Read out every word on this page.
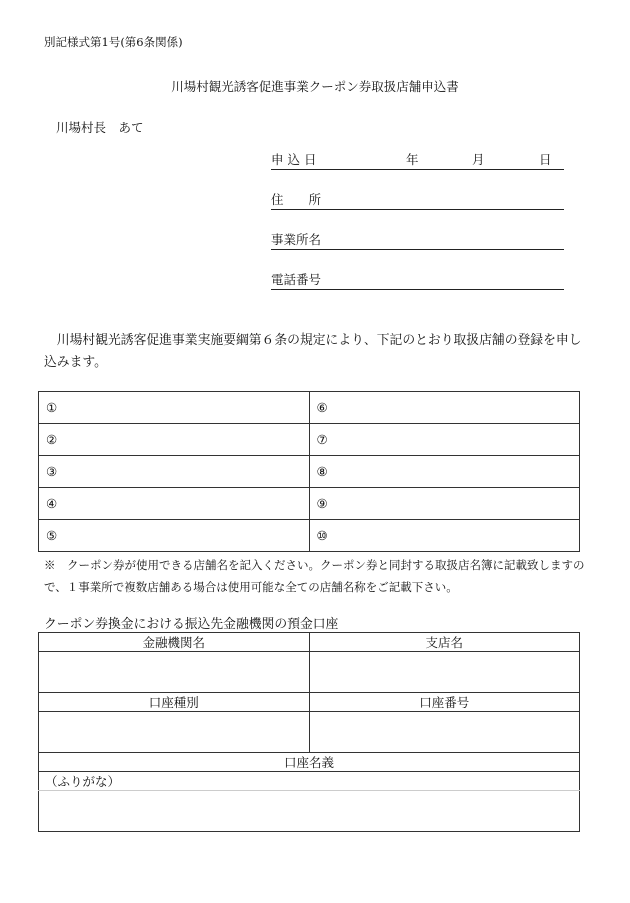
別記様式第1号(第6条関係)
川場村観光誘客促進事業クーポン券取扱店舗申込書
川場村長　あて
申 込 日	年	月	日
住　　所
事業所名
電話番号
川場村観光誘客促進事業実施要綱第６条の規定により、下記のとおり取扱店舗の登録を申し込みます。
①	⑥
②	⑦
③	⑧
④	⑨
⑤	⑩
※　クーポン券が使用できる店舗名を記入ください。クーポン券と同封する取扱店名簿に記載致しますので、１事業所で複数店舗ある場合は使用可能な全ての店舗名称をご記載下さい。
クーポン券換金における振込先金融機関の預金口座
金融機関名	支店名

口座種別	口座番号

口座名義	
（ふりがな）	
